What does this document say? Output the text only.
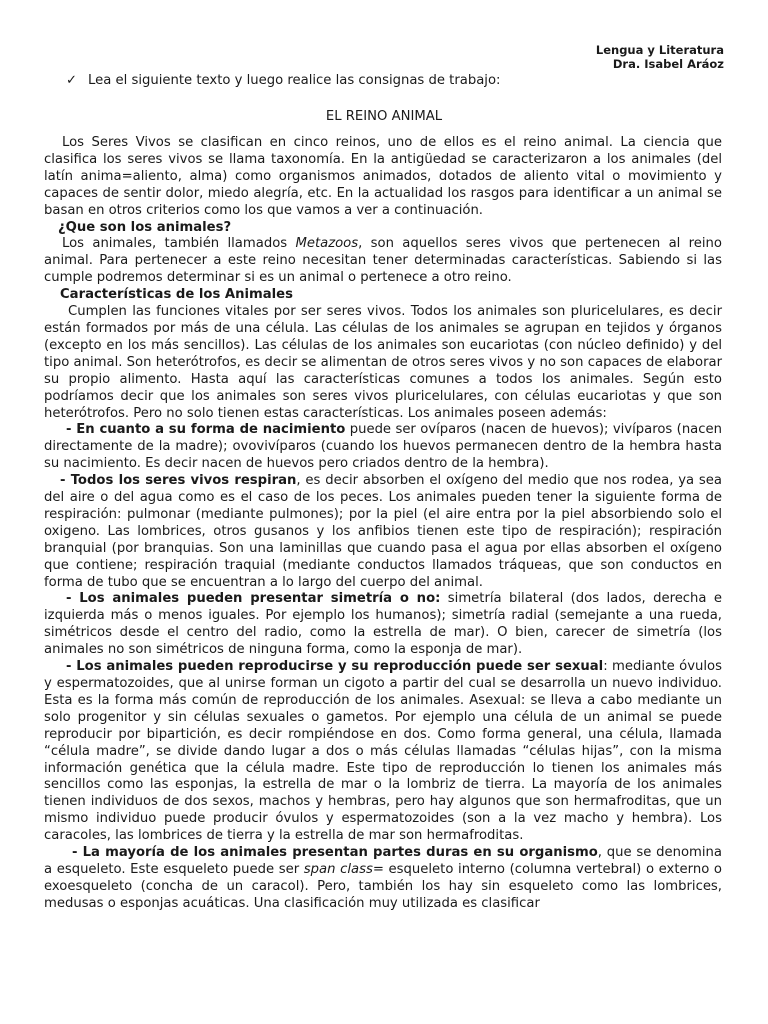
Lengua y Literatura
Dra. Isabel Aráoz
✓ Lea el siguiente texto y luego realice las consignas de trabajo:
EL REINO ANIMAL

Los Seres Vivos se clasifican en cinco reinos, uno de ellos es el reino animal. La ciencia que clasifica los seres vivos se llama taxonomía. En la antigüedad se caracterizaron a los animales (del latín anima=aliento, alma) como organismos animados, dotados de aliento vital o movimiento y capaces de sentir dolor, miedo alegría, etc. En la actualidad los rasgos para identificar a un animal se basan en otros criterios como los que vamos a ver a continuación.

¿Que son los animales?

Los animales, también llamados Metazoos, son aquellos seres vivos que pertenecen al reino animal. Para pertenecer a este reino necesitan tener determinadas características. Sabiendo si las cumple podremos determinar si es un animal o pertenece a otro reino.

Características de los Animales

Cumplen las funciones vitales por ser seres vivos. Todos los animales son pluricelulares, es decir están formados por más de una célula. Las células de los animales se agrupan en tejidos y órganos (excepto en los más sencillos). Las células de los animales son eucariotas (con núcleo definido) y del tipo animal. Son heterótrofos, es decir se alimentan de otros seres vivos y no son capaces de elaborar su propio alimento. Hasta aquí las características comunes a todos los animales. Según esto podríamos decir que los animales son seres vivos pluricelulares, con células eucariotas y que son heterótrofos. Pero no solo tienen estas características. Los animales poseen además:

- En cuanto a su forma de nacimiento puede ser ovíparos (nacen de huevos); vivíparos (nacen directamente de la madre); ovovivíparos (cuando los huevos permanecen dentro de la hembra hasta su nacimiento. Es decir nacen de huevos pero criados dentro de la hembra).

- Todos los seres vivos respiran, es decir absorben el oxígeno del medio que nos rodea, ya sea del aire o del agua como es el caso de los peces. Los animales pueden tener la siguiente forma de respiración: pulmonar (mediante pulmones); por la piel (el aire entra por la piel absorbiendo solo el oxigeno. Las lombrices, otros gusanos y los anfibios tienen este tipo de respiración); respiración branquial (por branquias. Son una laminillas que cuando pasa el agua por ellas absorben el oxígeno que contiene; respiración traquial (mediante conductos llamados tráqueas, que son conductos en forma de tubo que se encuentran a lo largo del cuerpo del animal.

- Los animales pueden presentar simetría o no: simetría bilateral (dos lados, derecha e izquierda más o menos iguales. Por ejemplo los humanos); simetría radial (semejante a una rueda, simétricos desde el centro del radio, como la estrella de mar). O bien, carecer de simetría (los animales no son simétricos de ninguna forma, como la esponja de mar).

- Los animales pueden reproducirse y su reproducción puede ser sexual: mediante óvulos y espermatozoides, que al unirse forman un cigoto a partir del cual se desarrolla un nuevo individuo. Esta es la forma más común de reproducción de los animales. Asexual: se lleva a cabo mediante un solo progenitor y sin células sexuales o gametos. Por ejemplo una célula de un animal se puede reproducir por bipartición, es decir rompiéndose en dos. Como forma general, una célula, llamada “célula madre”, se divide dando lugar a dos o más células llamadas “células hijas”, con la misma información genética que la célula madre. Este tipo de reproducción lo tienen los animales más sencillos como las esponjas, la estrella de mar o la lombriz de tierra. La mayoría de los animales tienen individuos de dos sexos, machos y hembras, pero hay algunos que son hermafroditas, que un mismo individuo puede producir óvulos y espermatozoides (son a la vez macho y hembra). Los caracoles, las lombrices de tierra y la estrella de mar son hermafroditas.

- La mayoría de los animales presentan partes duras en su organismo, que se denomina a esqueleto. Este esqueleto puede ser span class= esqueleto interno (columna vertebral) o externo o exoesqueleto (concha de un caracol). Pero, también los hay sin esqueleto como las lombrices, medusas o esponjas acuáticas. Una clasificación muy utilizada es clasificar
